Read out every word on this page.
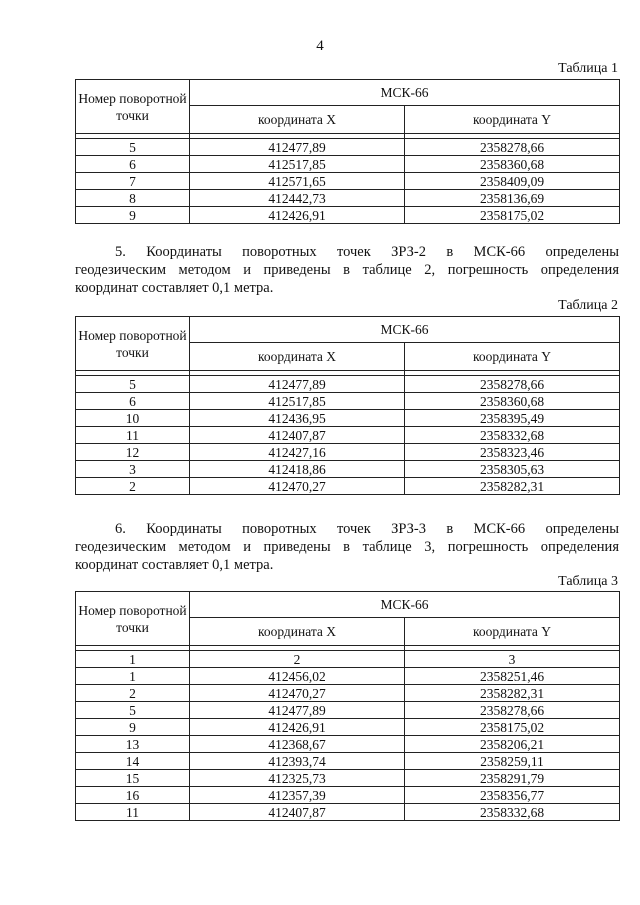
4
Таблица 1
Номер поворотной точки	МСК-66	
	координата X	координата Y

5	412477,89	2358278,66
6	412517,85	2358360,68
7	412571,65	2358409,09
8	412442,73	2358136,69
9	412426,91	2358175,02
5. Координаты поворотных точек ЗРЗ-2 в МСК-66 определены
геодезическим методом и приведены в таблице 2, погрешность определения
координат составляет 0,1 метра.
Таблица 2
Номер поворотной точки	МСК-66	
	координата X	координата Y

5	412477,89	2358278,66
6	412517,85	2358360,68
10	412436,95	2358395,49
11	412407,87	2358332,68
12	412427,16	2358323,46
3	412418,86	2358305,63
2	412470,27	2358282,31
6. Координаты поворотных точек ЗРЗ-3 в МСК-66 определены
геодезическим методом и приведены в таблице 3, погрешность определения
координат составляет 0,1 метра.
Таблица 3
Номер поворотной точки	МСК-66	
	координата X	координата Y

1	2	3
1	412456,02	2358251,46
2	412470,27	2358282,31
5	412477,89	2358278,66
9	412426,91	2358175,02
13	412368,67	2358206,21
14	412393,74	2358259,11
15	412325,73	2358291,79
16	412357,39	2358356,77
11	412407,87	2358332,68
